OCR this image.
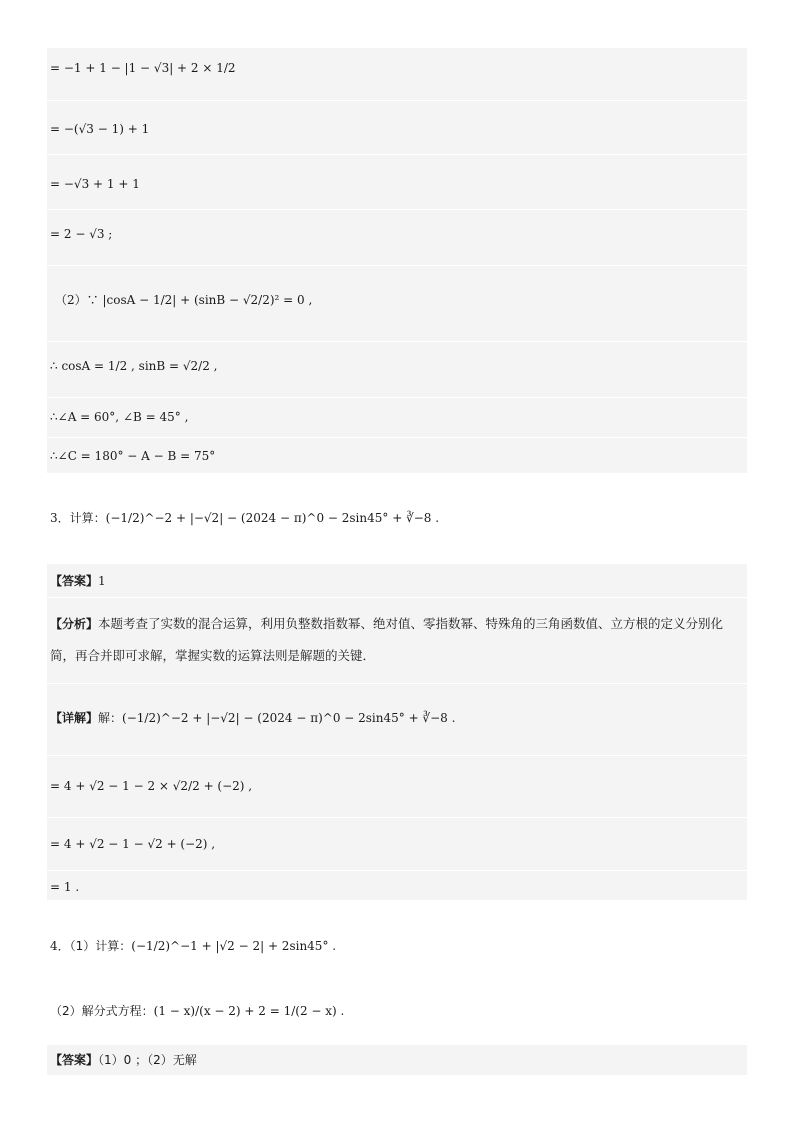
= −1 + 1 − |1 − √3| + 2 × 1/2
= −(√3 − 1) + 1
= −√3 + 1 + 1
= 2 − √3 ;
（2）∵ |cosA − 1/2| + (sinB − √2/2)² = 0 ,
∴ cosA = 1/2 , sinB = √2/2 ,
∴∠A = 60°, ∠B = 45° ,
∴∠C = 180° − A − B = 75°
3．计算：(−1/2)^−2 + |−√2| − (2024 − π)^0 − 2sin45° + ∛−8 .
【答案】1
【分析】本题考查了实数的混合运算，利用负整数指数幂、绝对值、零指数幂、特殊角的三角函数值、立方根的定义分别化简，再合并即可求解，掌握实数的运算法则是解题的关键．
【详解】解：(−1/2)^−2 + |−√2| − (2024 − π)^0 − 2sin45° + ∛−8 .
= 4 + √2 − 1 − 2 × √2/2 + (−2) ,
= 4 + √2 − 1 − √2 + (−2) ,
= 1 .
4．（1）计算：(−1/2)^−1 + |√2 − 2| + 2sin45° .
（2）解分式方程：(1 − x)/(x − 2) + 2 = 1/(2 − x) .
【答案】（1）0 ；（2）无解
